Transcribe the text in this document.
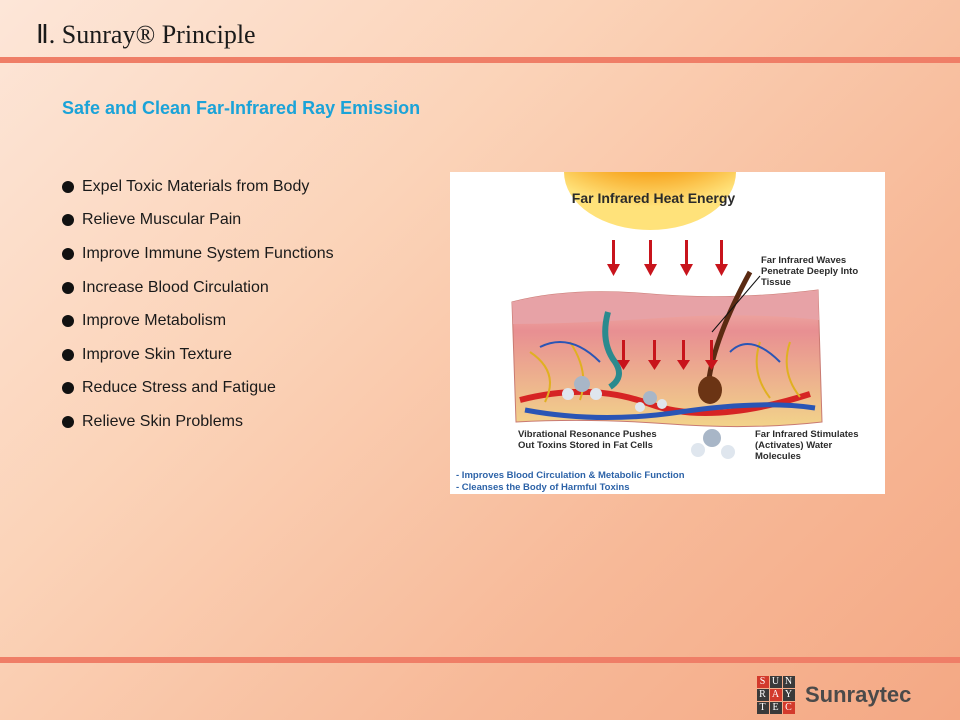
Ⅱ. Sunray® Principle
Safe and Clean Far-Infrared Ray Emission
Expel Toxic Materials from Body
Relieve Muscular Pain
Improve Immune System Functions
Increase Blood Circulation
Improve Metabolism
Improve Skin Texture
Reduce Stress and Fatigue
Relieve Skin Problems
Far Infrared Heat Energy
Far Infrared Waves Penetrate Deeply Into Tissue
Vibrational Resonance Pushes Out Toxins Stored in Fat Cells
Far Infrared Stimulates (Activates) Water Molecules
- Improves Blood Circulation & Metabolic Function
- Cleanses the Body of Harmful Toxins
S U N
R A Y
T E C
Sunraytec
